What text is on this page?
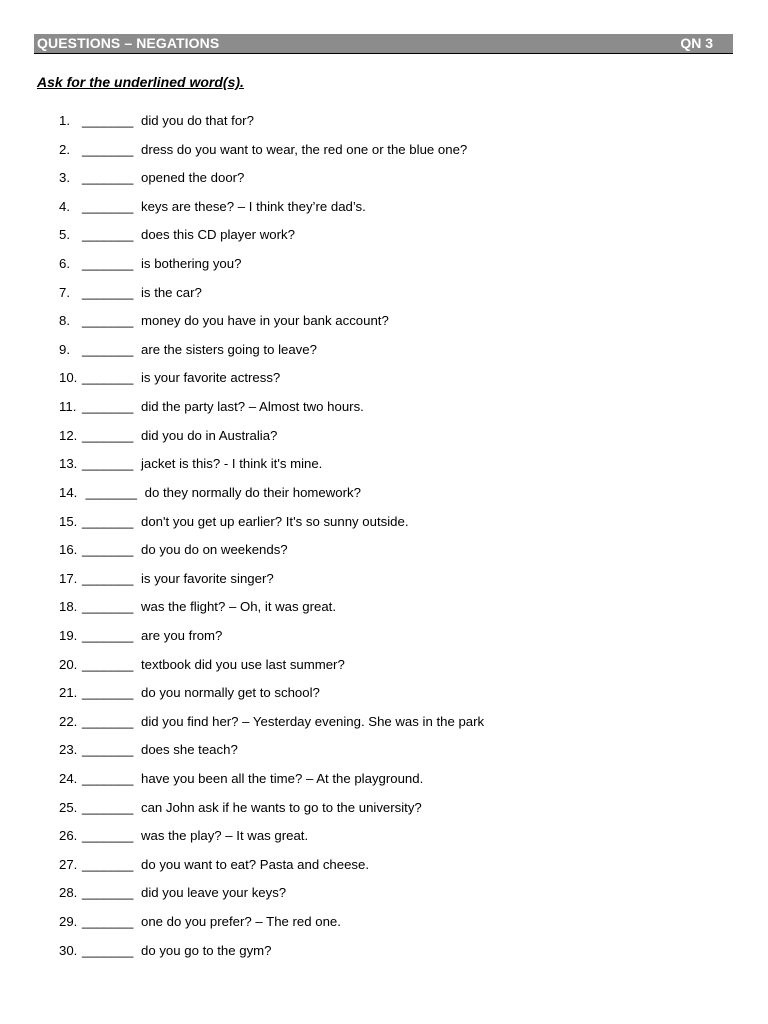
QUESTIONS – NEGATIONS	QN 3
Ask for the underlined word(s).
1. _______ did you do that for?
2. _______ dress do you want to wear, the red one or the blue one?
3. _______ opened the door?
4. _______ keys are these? – I think they’re dad’s.
5. _______ does this CD player work?
6. _______ is bothering you?
7. _______ is the car?
8. _______ money do you have in your bank account?
9. _______ are the sisters going to leave?
10. _______ is your favorite actress?
11. _______ did the party last? – Almost two hours.
12. _______ did you do in Australia?
13. _______ jacket is this? - I think it's mine.
14. _______ do they normally do their homework?
15. _______ don't you get up earlier? It's so sunny outside.
16. _______ do you do on weekends?
17. _______ is your favorite singer?
18. _______ was the flight? – Oh, it was great.
19. _______ are you from?
20. _______ textbook did you use last summer?
21. _______ do you normally get to school?
22. _______ did you find her? – Yesterday evening. She was in the park
23. _______ does she teach?
24. _______ have you been all the time? – At the playground.
25. _______ can John ask if he wants to go to the university?
26. _______ was the play? – It was great.
27. _______ do you want to eat? Pasta and cheese.
28. _______ did you leave your keys?
29. _______ one do you prefer? – The red one.
30. _______ do you go to the gym?
